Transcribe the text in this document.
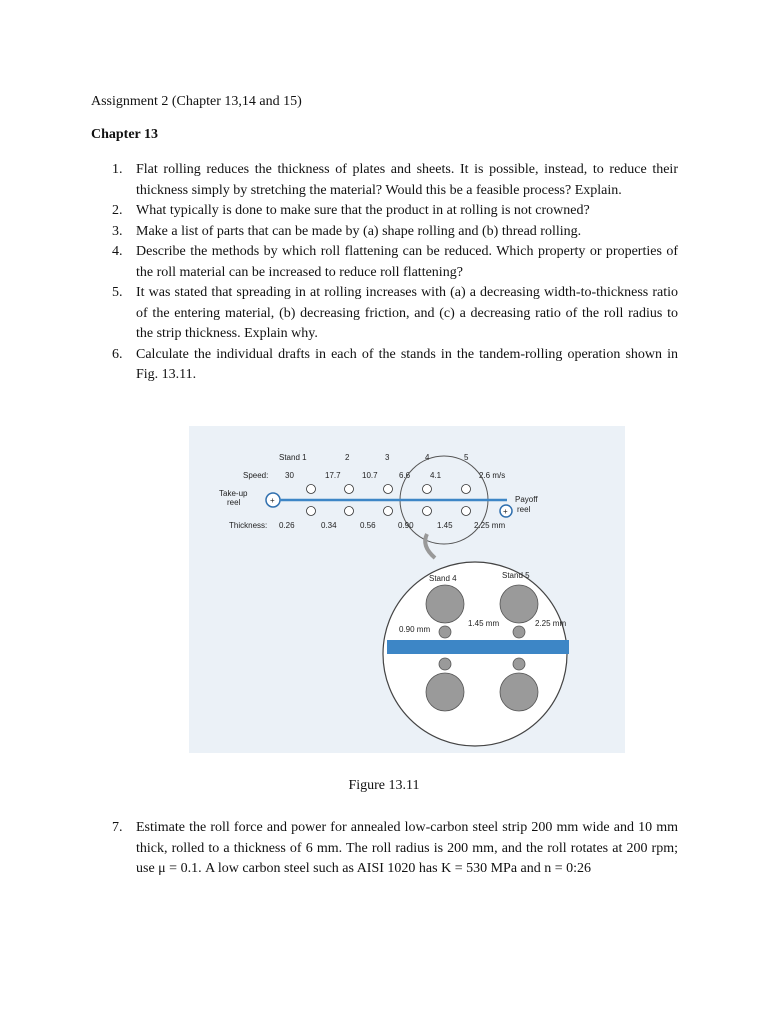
Assignment 2 (Chapter 13,14 and 15)
Chapter 13
1. Flat rolling reduces the thickness of plates and sheets. It is possible, instead, to reduce their thickness simply by stretching the material? Would this be a feasible process? Explain.
2. What typically is done to make sure that the product in at rolling is not crowned?
3. Make a list of parts that can be made by (a) shape rolling and (b) thread rolling.
4. Describe the methods by which roll flattening can be reduced. Which property or properties of the roll material can be increased to reduce roll flattening?
5. It was stated that spreading in at rolling increases with (a) a decreasing width-to-thickness ratio of the entering material, (b) decreasing friction, and (c) a decreasing ratio of the roll radius to the strip thickness. Explain why.
6. Calculate the individual drafts in each of the stands in the tandem-rolling operation shown in Fig. 13.11.
Stand 1	2	3	4	5
Speed: 30	17.7	10.7	6.6 4.1	2.6 m/s
Take-up
reel	+
+
Payoff
reel
Thickness: 0.26	0.34	0.56	0.90	1.45	2.25 mm
Stand 4	Stand 5
0.90 mm
1.45 mm	2.25 mm
Figure 13.11
7. Estimate the roll force and power for annealed low-carbon steel strip 200 mm wide and 10 mm thick, rolled to a thickness of 6 mm. The roll radius is 200 mm, and the roll rotates at 200 rpm; use μ = 0.1. A low carbon steel such as AISI 1020 has K = 530 MPa and n = 0:26
